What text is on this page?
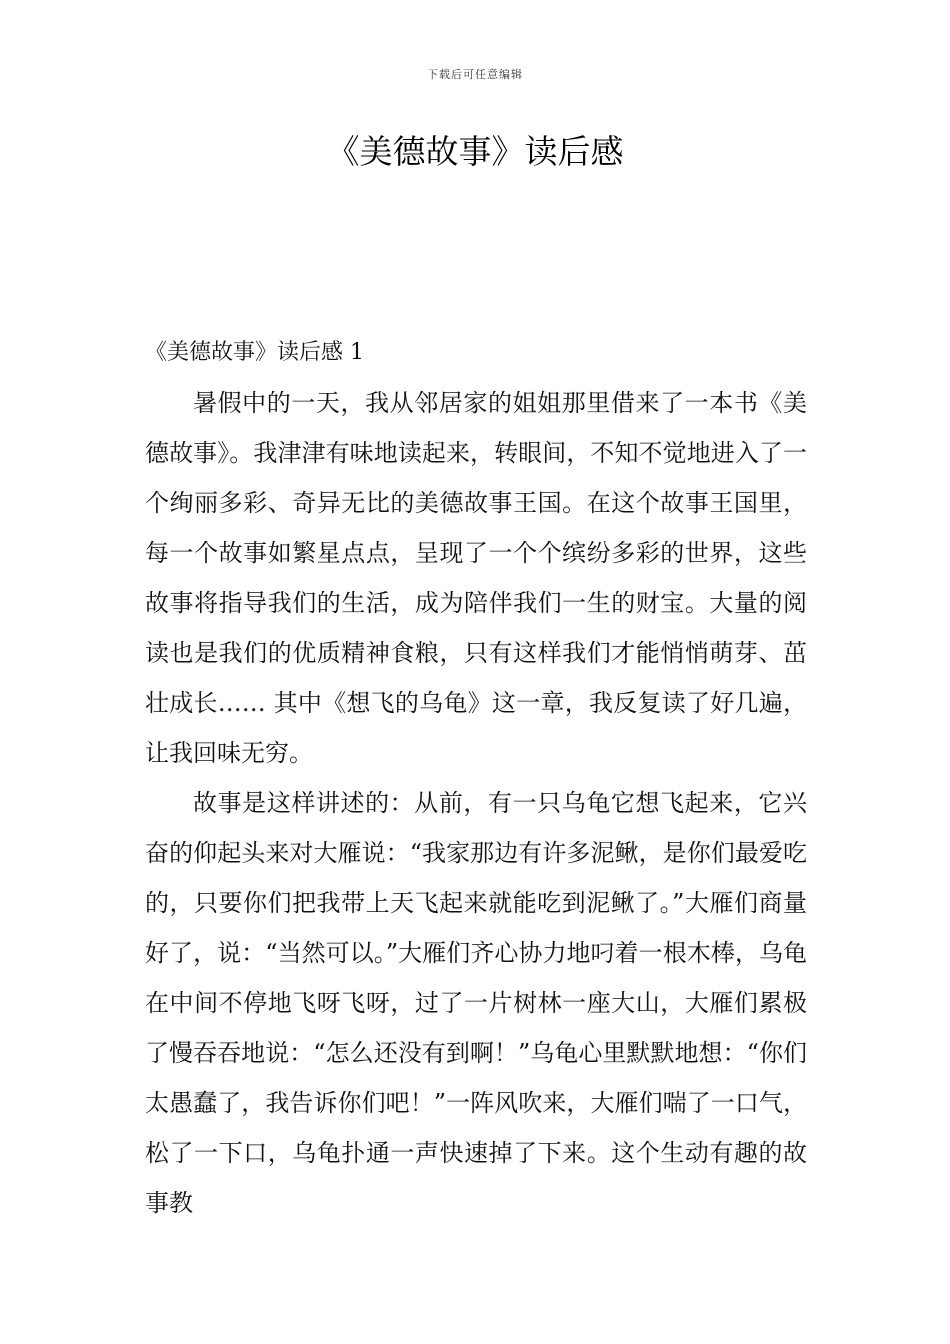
下载后可任意编辑
《美德故事》读后感

《美德故事》读后感 1

暑假中的一天，我从邻居家的姐姐那里借来了一本书《美德故事》。我津津有味地读起来，转眼间，不知不觉地进入了一个绚丽多彩、奇异无比的美德故事王国。在这个故事王国里，每一个故事如繁星点点，呈现了一个个缤纷多彩的世界，这些故事将指导我们的生活，成为陪伴我们一生的财宝。大量的阅读也是我们的优质精神食粮，只有这样我们才能悄悄萌芽、茁壮成长…… 其中《想飞的乌龟》这一章，我反复读了好几遍，让我回味无穷。

故事是这样讲述的：从前，有一只乌龟它想飞起来，它兴奋的仰起头来对大雁说：“我家那边有许多泥鳅，是你们最爱吃的，只要你们把我带上天飞起来就能吃到泥鳅了。”大雁们商量好了，说：“当然可以。”大雁们齐心协力地叼着一根木棒，乌龟在中间不停地飞呀飞呀，过了一片树林一座大山，大雁们累极了慢吞吞地说：“怎么还没有到啊！”乌龟心里默默地想：“你们太愚蠢了，我告诉你们吧！”一阵风吹来，大雁们喘了一口气，松了一下口，乌龟扑通一声快速掉了下来。这个生动有趣的故事教
